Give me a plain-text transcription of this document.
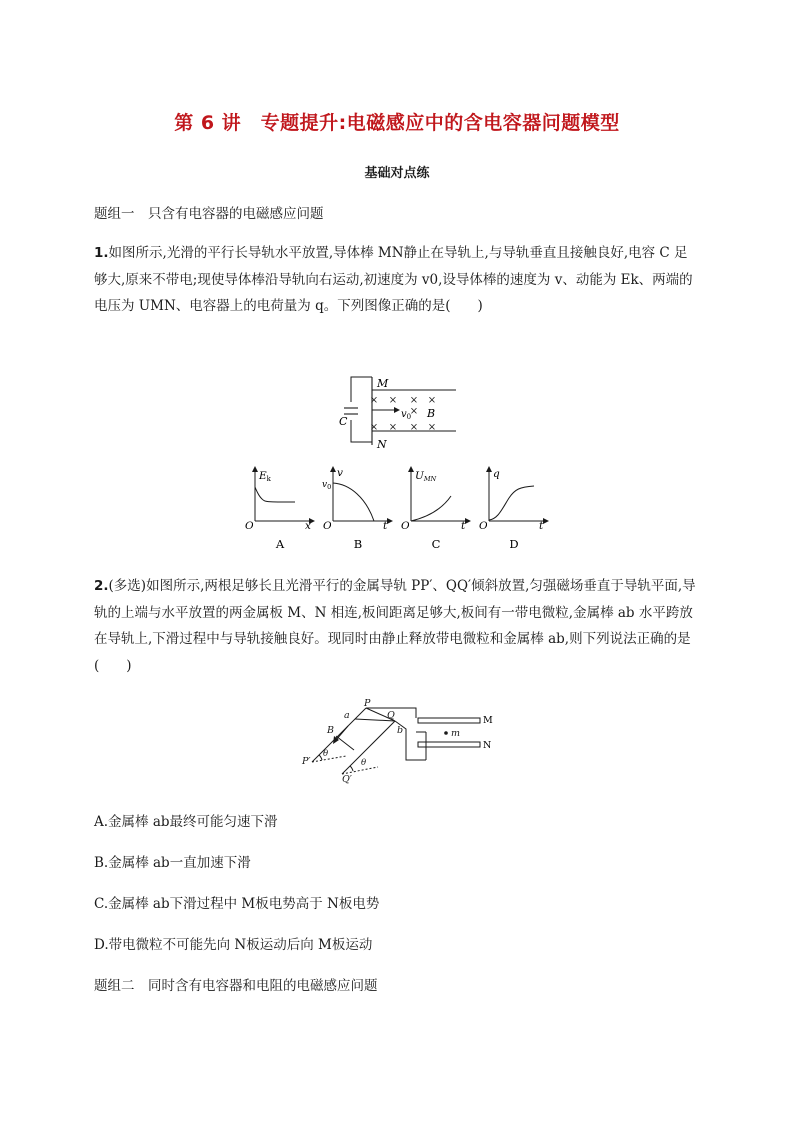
第 6 讲　专题提升:电磁感应中的含电容器问题模型
基础对点练
题组一　只含有电容器的电磁感应问题

1.如图所示,光滑的平行长导轨水平放置,导体棒 MN静止在导轨上,与导轨垂直且接触良好,电容 C 足够大,原来不带电;现使导体棒沿导轨向右运动,初速度为 v0,设导体棒的速度为 v、动能为 Ek、两端的电压为 UMN、电容器上的电荷量为 q。下列图像正确的是(　　)

× × × ×
×
× × × ×
M
N
C
$v_0$ B
Ek
O	x
A
v
$v_0$
O	t
B
UMN
O	t
C
q
O	t
D

2.(多选)如图所示,两根足够长且光滑平行的金属导轨 PP′、QQ′倾斜放置,匀强磁场垂直于导轨平面,导轨的上端与水平放置的两金属板 M、N 相连,板间距离足够大,板间有一带电微粒,金属棒 ab 水平跨放在导轨上,下滑过程中与导轨接触良好。现同时由静止释放带电微粒和金属棒 ab,则下列说法正确的是(　　)

P
a	Q
b
B
P′
Q′
θ
θ
m
M
N
A.金属棒 ab最终可能匀速下滑
B.金属棒 ab一直加速下滑
C.金属棒 ab下滑过程中 M板电势高于 N板电势
D.带电微粒不可能先向 N板运动后向 M板运动
题组二　同时含有电容器和电阻的电磁感应问题
